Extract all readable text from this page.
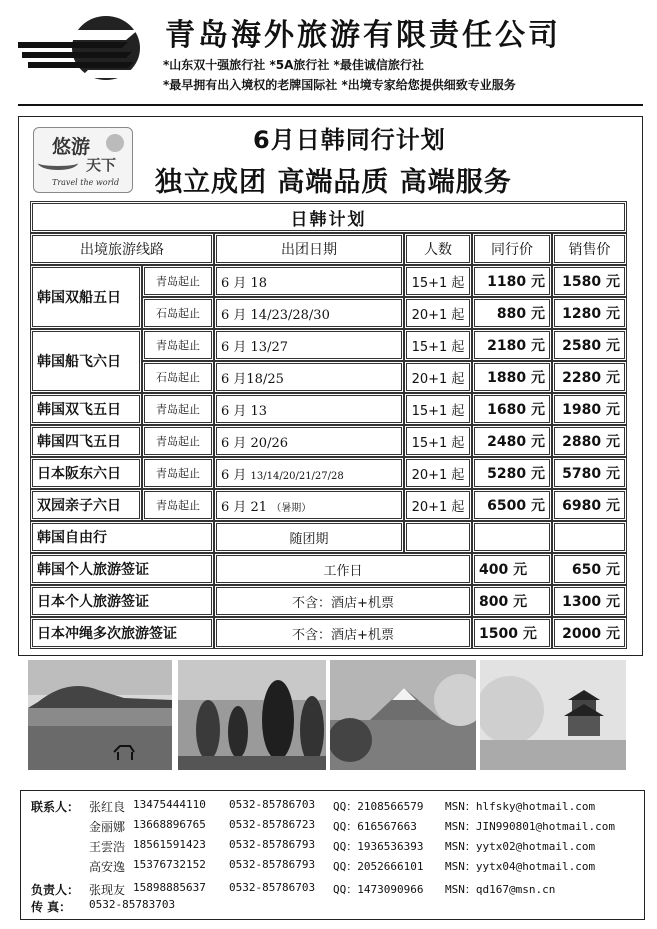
青岛海外旅游有限责任公司
*山东双十强旅行社 *5A旅行社 *最佳诚信旅行社
*最早拥有出入境权的老牌国际社 *出境专家给您提供细致专业服务
悠游
天下
Travel the world
6月日韩同行计划
独立成团 高端品质 高端服务
日韩计划					
出境旅游线路		出团日期	人数	同行价	销售价
韩国双船五日	青岛起止	6 月 18	15+1 起	1180 元	1580 元
	石岛起止	6 月 14/23/28/30	20+1 起	880 元	1280 元
韩国船飞六日	青岛起止	6 月 13/27	15+1 起	2180 元	2580 元
	石岛起止	6 月18/25	20+1 起	1880 元	2280 元
韩国双飞五日	青岛起止	6 月 13	15+1 起	1680 元	1980 元
韩国四飞五日	青岛起止	6 月 20/26	15+1 起	2480 元	2880 元
日本阪东六日	青岛起止	6 月 13/14/20/21/27/28	20+1 起	5280 元	5780 元
双园亲子六日	青岛起止	6 月 21 （暑期）	20+1 起	6500 元	6980 元
韩国自由行		随团期			
韩国个人旅游签证		工作日		400 元	650 元
日本个人旅游签证		不含：酒店+机票		800 元	1300 元
日本冲绳多次旅游签证		不含：酒店+机票		1500 元	2000 元
联系人： 张红良 13475444110 0532-85786703 QQ：2108566579 MSN：hlfsky@hotmail.com
金丽娜 13668896765 0532-85786723 QQ：616567663	MSN：JIN990801@hotmail.com
王雲浩 18561591423 0532-85786793 QQ：1936536393 MSN：yytx02@hotmail.com
高安逸 15376732152 0532-85786793 QQ：2052666101 MSN：yytx04@hotmail.com
负责人： 张现友 15898885637 0532-85786703 QQ：1473090966 MSN：qd167@msn.cn
传 真： 0532-85783703
